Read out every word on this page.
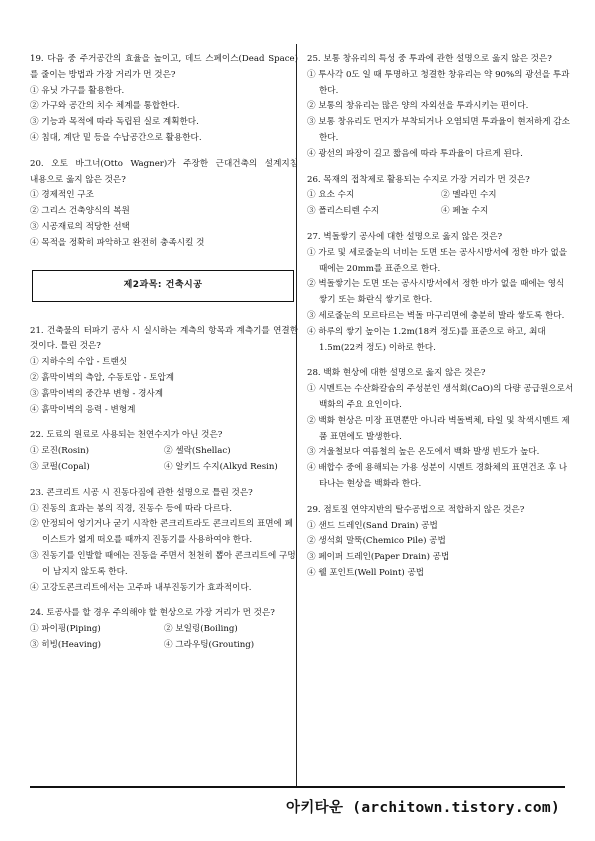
19. 다음 중 주거공간의 효율을 높이고, 데드 스페이스(Dead Space)를 줄이는 방법과 가장 거리가 먼 것은?
① 유닛 가구를 활용한다.
② 가구와 공간의 치수 체계를 통합한다.
③ 기능과 목적에 따라 독립된 실로 계획한다.
④ 침대, 계단 밑 등을 수납공간으로 활용한다.
20. 오토 바그너(Otto Wagner)가 주장한 근대건축의 설계지침 내용으로 옳지 않은 것은?
① 경제적인 구조
② 그리스 건축양식의 복원
③ 시공재료의 적당한 선택
④ 목적을 정확히 파악하고 완전히 충족시킬 것
제2과목: 건축시공
21. 건축물의 터파기 공사 시 실시하는 계측의 항목과 계측기를 연결한 것이다. 틀린 것은?
① 지하수의 수압 - 트랜싯
② 흙막이벽의 측압, 수동토압 - 토압계
③ 흙막이벽의 중간부 변형 - 경사계
④ 흙막이벽의 응력 - 변형계
22. 도료의 원료로 사용되는 천연수지가 아닌 것은?
① 로진(Rosin)	② 셀락(Shellac)
③ 코펄(Copal)	④ 알키드 수지(Alkyd Resin)
23. 콘크리트 시공 시 진동다짐에 관한 설명으로 틀린 것은?
① 진동의 효과는 봉의 직경, 진동수 등에 따라 다르다.
② 안정되어 엉기거나 굳기 시작한 콘크리트라도 콘크리트의 표면에 페이스트가 엷게 떠오를 때까지 진동기를 사용하여야 한다.
③ 진동기를 인발할 때에는 진동을 주면서 천천히 뽑아 콘크리트에 구멍이 남지지 않도록 한다.
④ 고강도콘크리트에서는 고주파 내부진동기가 효과적이다.
24. 토공사를 할 경우 주의해야 할 현상으로 가장 거리가 먼 것은?
① 파이핑(Piping)	② 보일링(Boiling)
③ 히빙(Heaving)	④ 그라우팅(Grouting)
25. 보통 창유리의 특성 중 투과에 관한 설명으로 옳지 않은 것은?
① 투사각 0도 일 때 투명하고 청결한 창유리는 약 90%의 광선을 투과한다.
② 보통의 창유리는 많은 양의 자외선을 투과시키는 편이다.
③ 보통 창유리도 먼지가 부착되거나 오염되면 투과율이 현저하게 감소한다.
④ 광선의 파장이 길고 짧음에 따라 투과율이 다르게 된다.
26. 목재의 접착제로 활용되는 수지로 가장 거리가 먼 것은?
① 요소 수지	② 멜라민 수지
③ 폴리스티렌 수지	④ 페놀 수지
27. 벽돌쌓기 공사에 대한 설명으로 옳지 않은 것은?
① 가로 및 세로줄눈의 너비는 도면 또는 공사시방서에 정한 바가 없을 때에는 20mm를 표준으로 한다.
② 벽돌쌓기는 도면 또는 공사시방서에서 정한 바가 없을 때에는 영식 쌓기 또는 화란식 쌓기로 한다.
③ 세로줄눈의 모르타르는 벽돌 마구리면에 충분히 발라 쌓도록 한다.
④ 하루의 쌓기 높이는 1.2m(18켜 정도)를 표준으로 하고, 최대 1.5m(22켜 정도) 이하로 한다.
28. 백화 현상에 대한 설명으로 옳지 않은 것은?
① 시멘트는 수산화칼슘의 주성분인 생석회(CaO)의 다량 공급원으로서 백화의 주요 요인이다.
② 백화 현상은 미장 표면뿐만 아니라 벽돌벽체, 타일 및 착색시멘트 제품 표면에도 발생한다.
③ 겨울철보다 여름철의 높은 온도에서 백화 발생 빈도가 높다.
④ 배합수 중에 용해되는 가용 성분이 시멘트 경화체의 표면건조 후 나타나는 현상을 백화라 한다.
29. 점토질 연약지반의 탈수공법으로 적합하지 않은 것은?
① 샌드 드레인(Sand Drain) 공법
② 생석회 말뚝(Chemico Pile) 공법
③ 페이퍼 드레인(Paper Drain) 공법
④ 웰 포인트(Well Point) 공법
아키타운 (architown.tistory.com)
